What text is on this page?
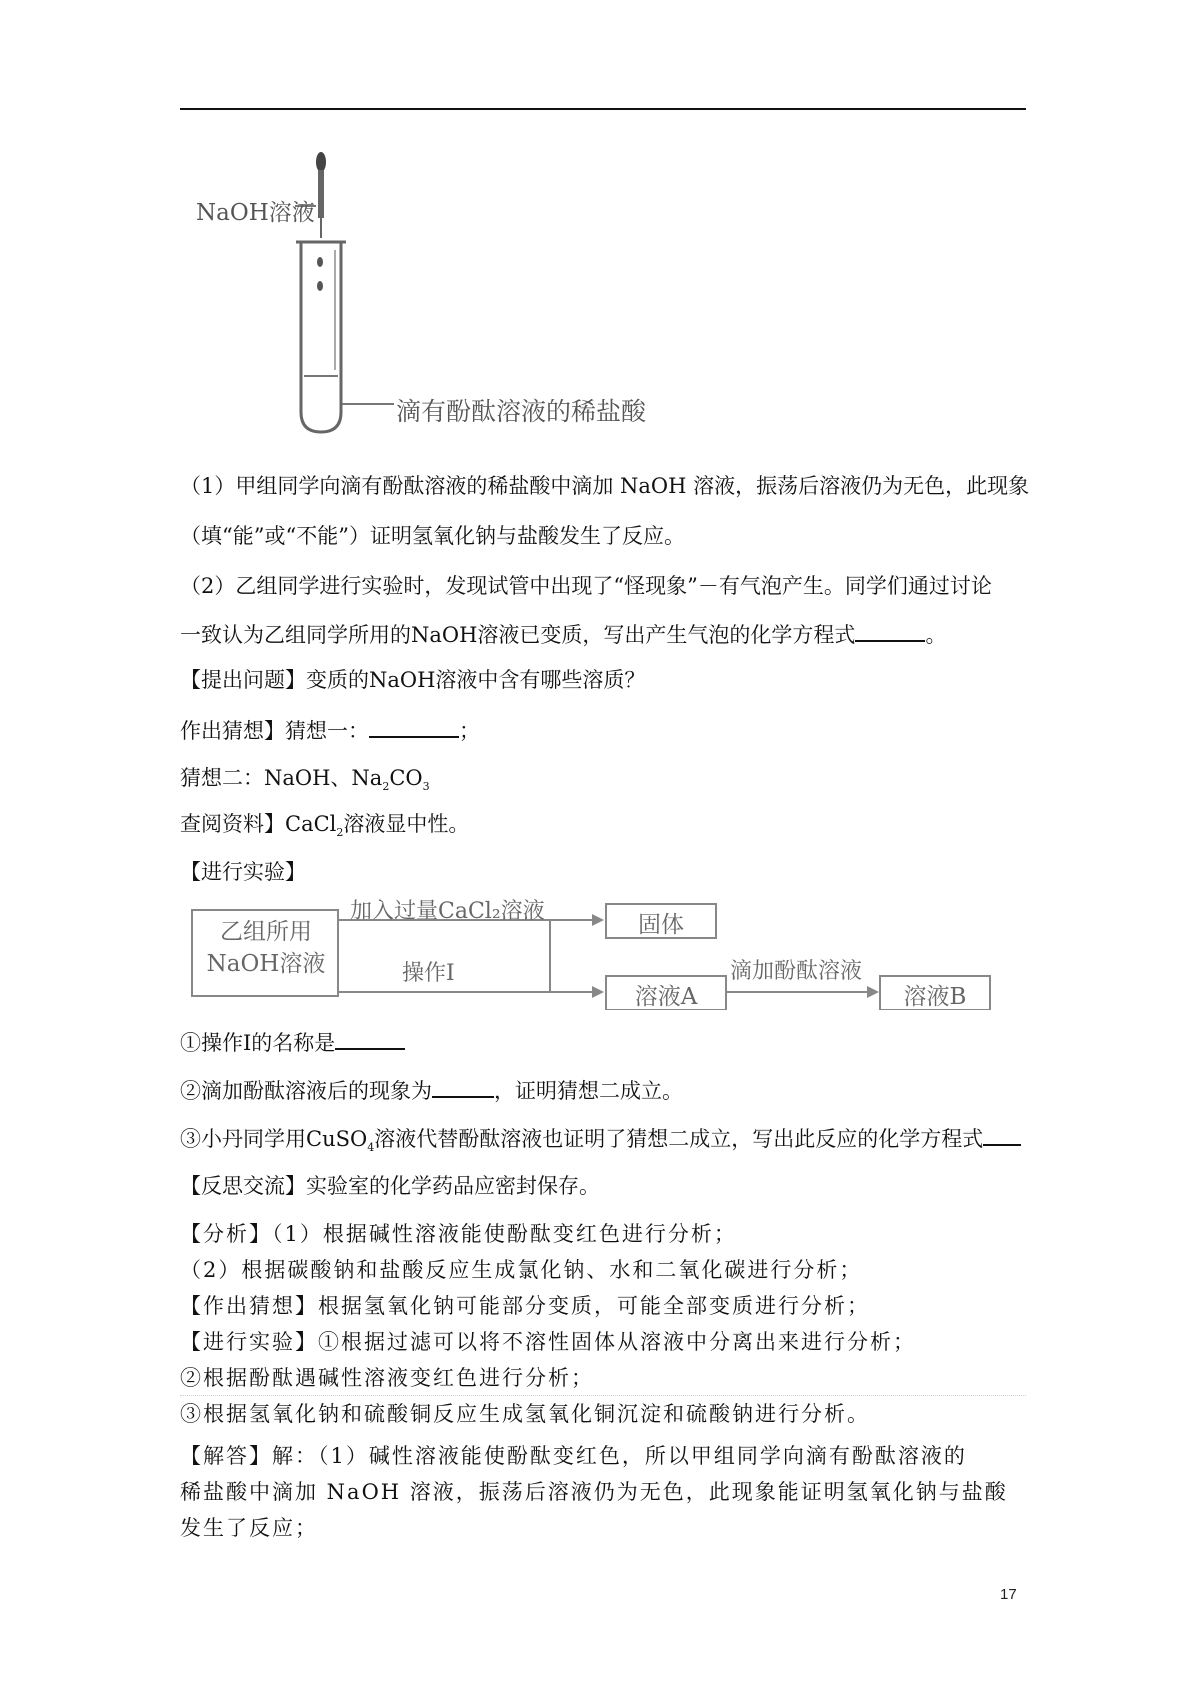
NaOH溶液
滴有酚酞溶液的稀盐酸
（1）甲组同学向滴有酚酞溶液的稀盐酸中滴加 NaOH 溶液，振荡后溶液仍为无色，此现象
（填“能”或“不能”）证明氢氧化钠与盐酸发生了反应。
（2）乙组同学进行实验时，发现试管中出现了“怪现象”－有气泡产生。同学们通过讨论
一致认为乙组同学所用的NaOH溶液已变质，写出产生气泡的化学方程式	。
【提出问题】变质的NaOH溶液中含有哪些溶质？
作出猜想】猜想一：	；
猜想二：NaOH、$Na_2CO_3$
查阅资料】CaCl$_2$溶液显中性。
【进行实验】
乙组所用
NaOH溶液
加入过量CaCl₂溶液
操作Ⅰ
固体
溶液A
滴加酚酞溶液
溶液B
①操作Ⅰ的名称是
②滴加酚酞溶液后的现象为	，证明猜想二成立。
③小丹同学用CuSO$_4$溶液代替酚酞溶液也证明了猜想二成立，写出此反应的化学方程式
【反思交流】实验室的化学药品应密封保存。
【分析】（1）根据碱性溶液能使酚酞变红色进行分析；
（2）根据碳酸钠和盐酸反应生成氯化钠、水和二氧化碳进行分析；
【作出猜想】根据氢氧化钠可能部分变质，可能全部变质进行分析；
【进行实验】①根据过滤可以将不溶性固体从溶液中分离出来进行分析；
②根据酚酞遇碱性溶液变红色进行分析；
③根据氢氧化钠和硫酸铜反应生成氢氧化铜沉淀和硫酸钠进行分析。
【解答】解：（1）碱性溶液能使酚酞变红色，所以甲组同学向滴有酚酞溶液的
稀盐酸中滴加 NaOH 溶液，振荡后溶液仍为无色，此现象能证明氢氧化钠与盐酸
发生了反应；
17
